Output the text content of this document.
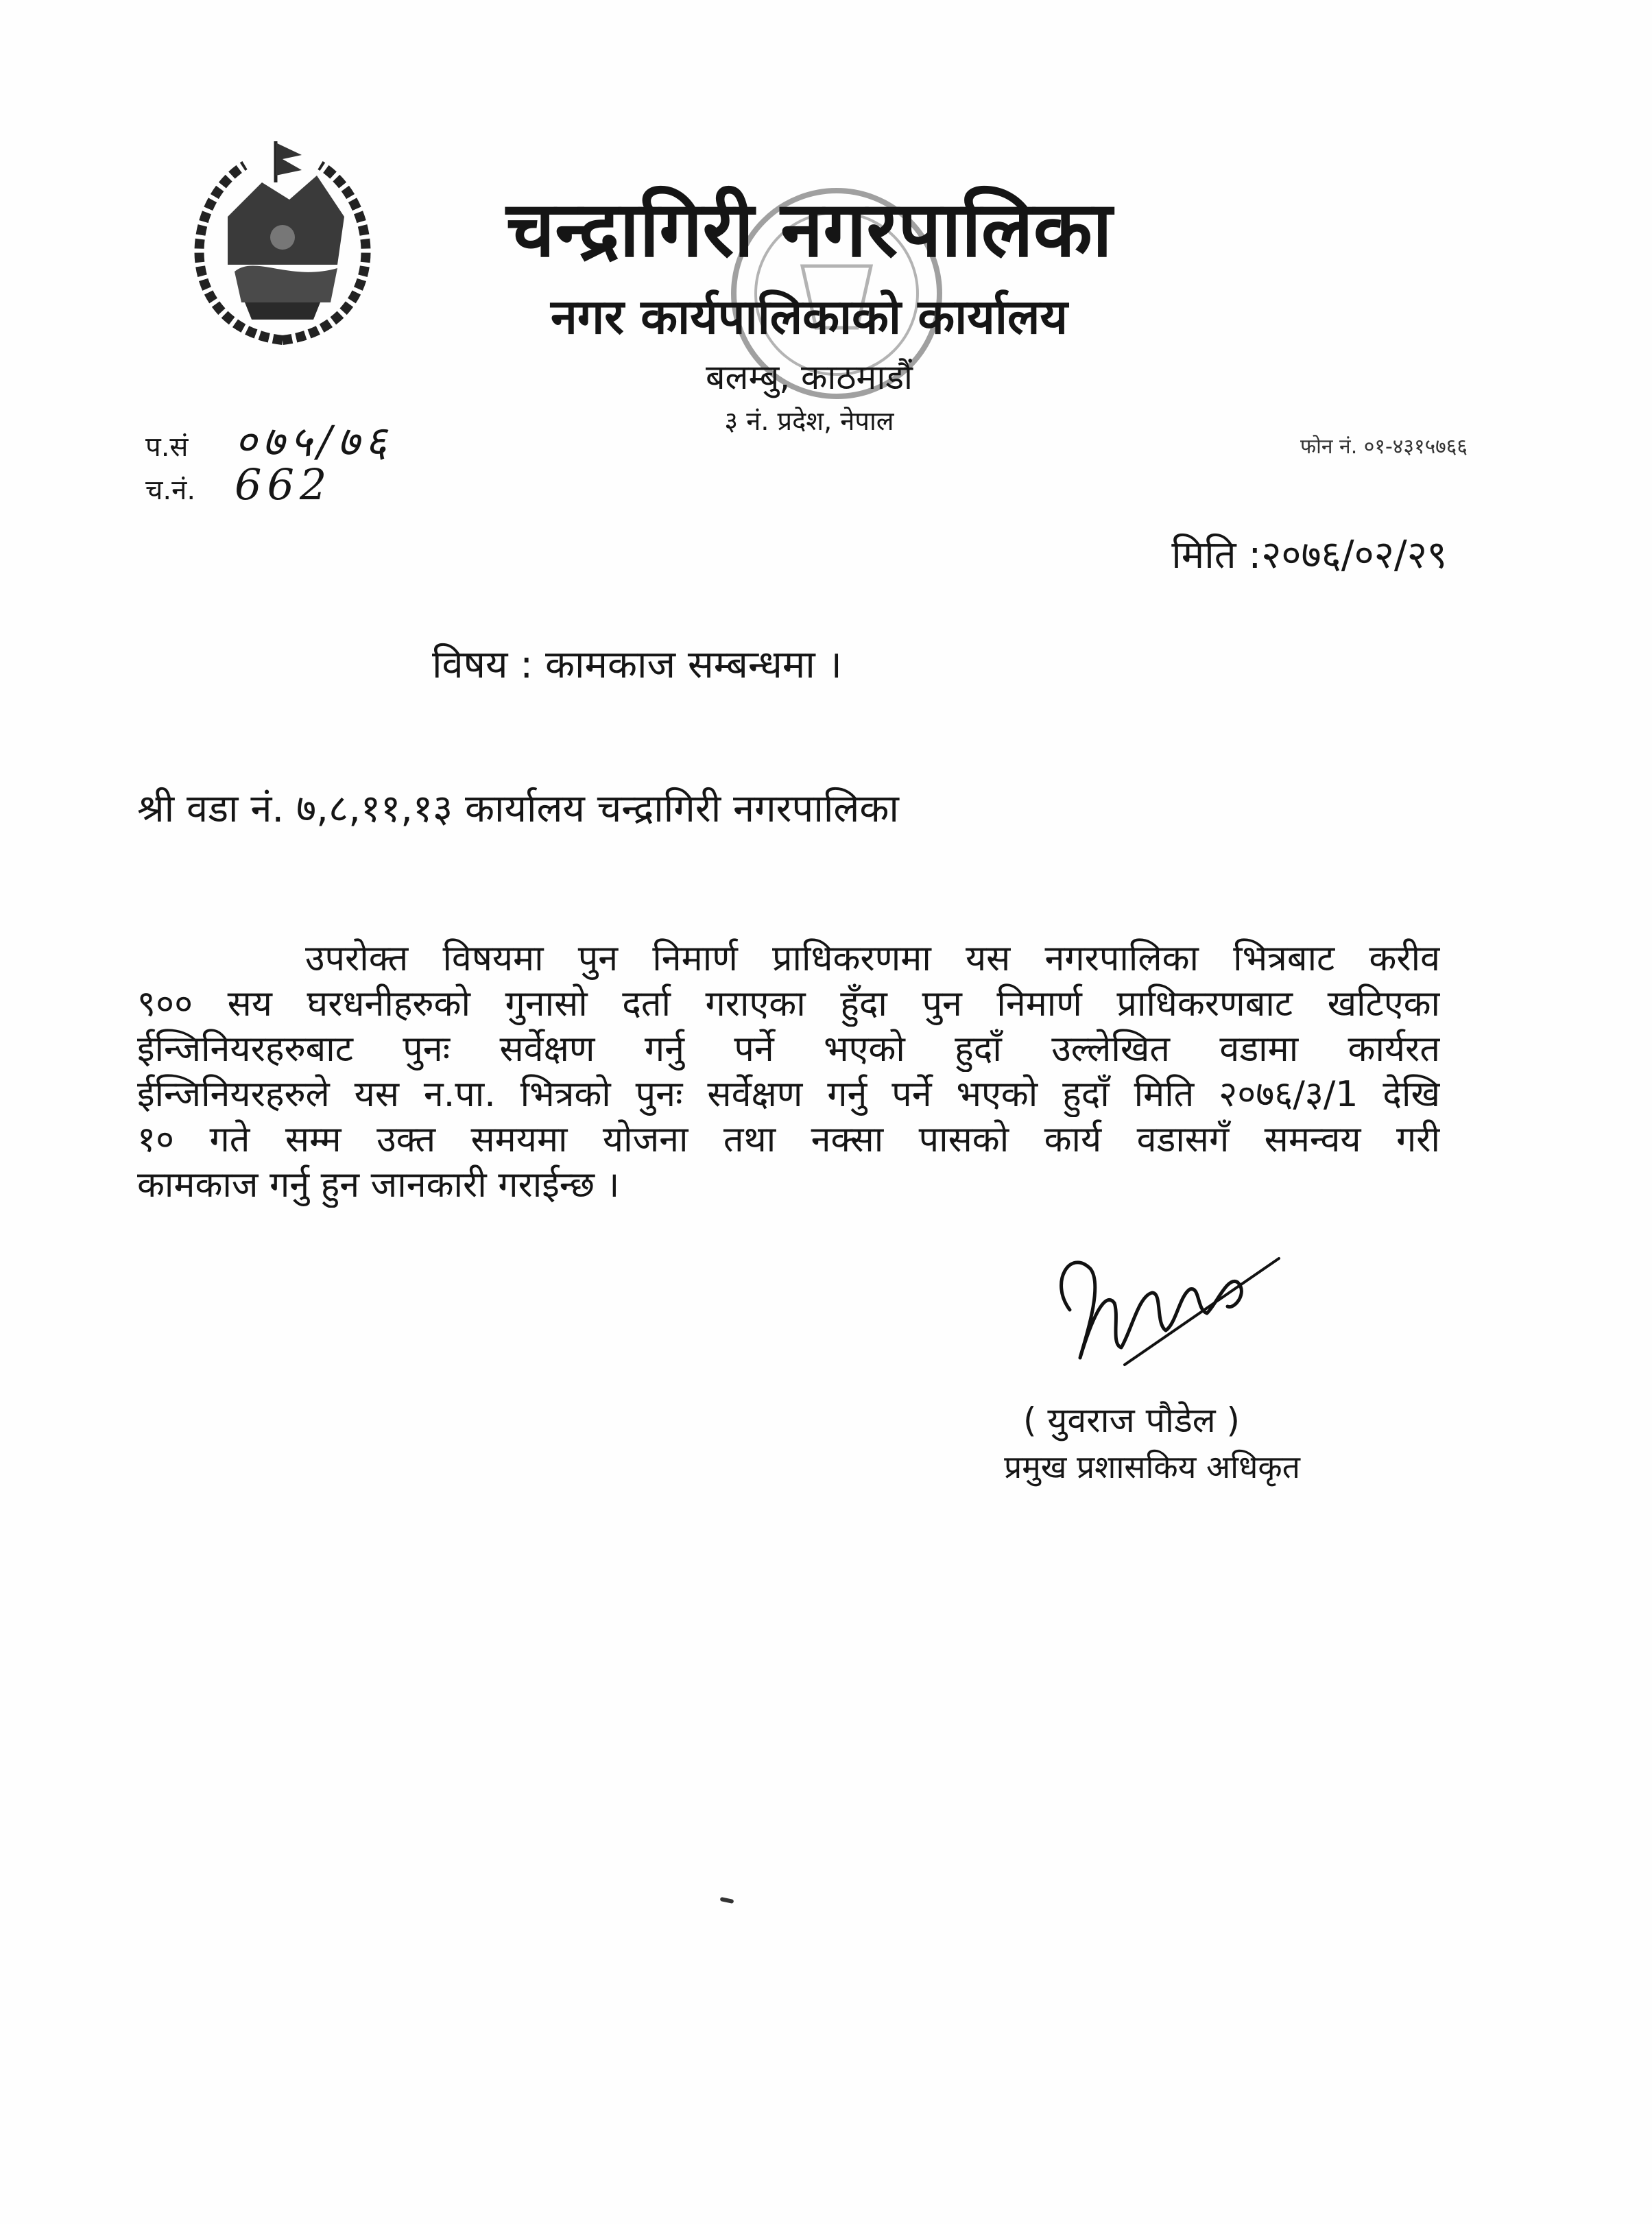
चन्द्रागिरी नगरपालिका
नगर कार्यपालिकाको कार्यालय
बलम्बु, काठमाडौं
३ नं. प्रदेश, नेपाल
प.सं	०७५/७६
च.नं. 662
फोन नं. ०१-४३१५७६६
मिति :२०७६/०२/२९
विषय : कामकाज सम्बन्धमा ।
श्री वडा नं. ७,८,११,१३ कार्यालय चन्द्रागिरी नगरपालिका
उपरोक्त विषयमा पुन निमार्ण प्राधिकरणमा यस नगरपालिका भित्रबाट करीव
९०० सय घरधनीहरुको गुनासो दर्ता गराएका हुँदा पुन निमार्ण प्राधिकरणबाट खटिएका
ईन्जिनियरहरुबाट पुनः सर्वेक्षण गर्नु पर्ने भएको हुदाँ उल्लेखित वडामा कार्यरत
ईन्जिनियरहरुले यस न.पा. भित्रको पुनः सर्वेक्षण गर्नु पर्ने भएको हुदाँ मिति २०७६/३/1 देखि
१० गते सम्म उक्त समयमा योजना तथा नक्सा पासको कार्य वडासगँ समन्वय गरी
कामकाज गर्नु हुन जानकारी गराईन्छ ।
( युवराज पौडेल )
प्रमुख प्रशासकिय अधिकृत
